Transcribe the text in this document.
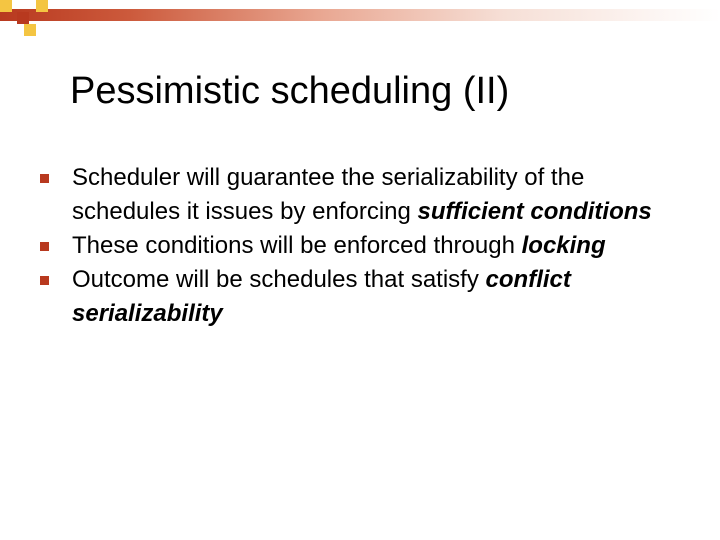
Pessimistic scheduling (II)
Scheduler will guarantee the serializability of the schedules it issues by enforcing sufficient conditions
These conditions will be enforced through locking
Outcome will be schedules that satisfy conflict serializability
